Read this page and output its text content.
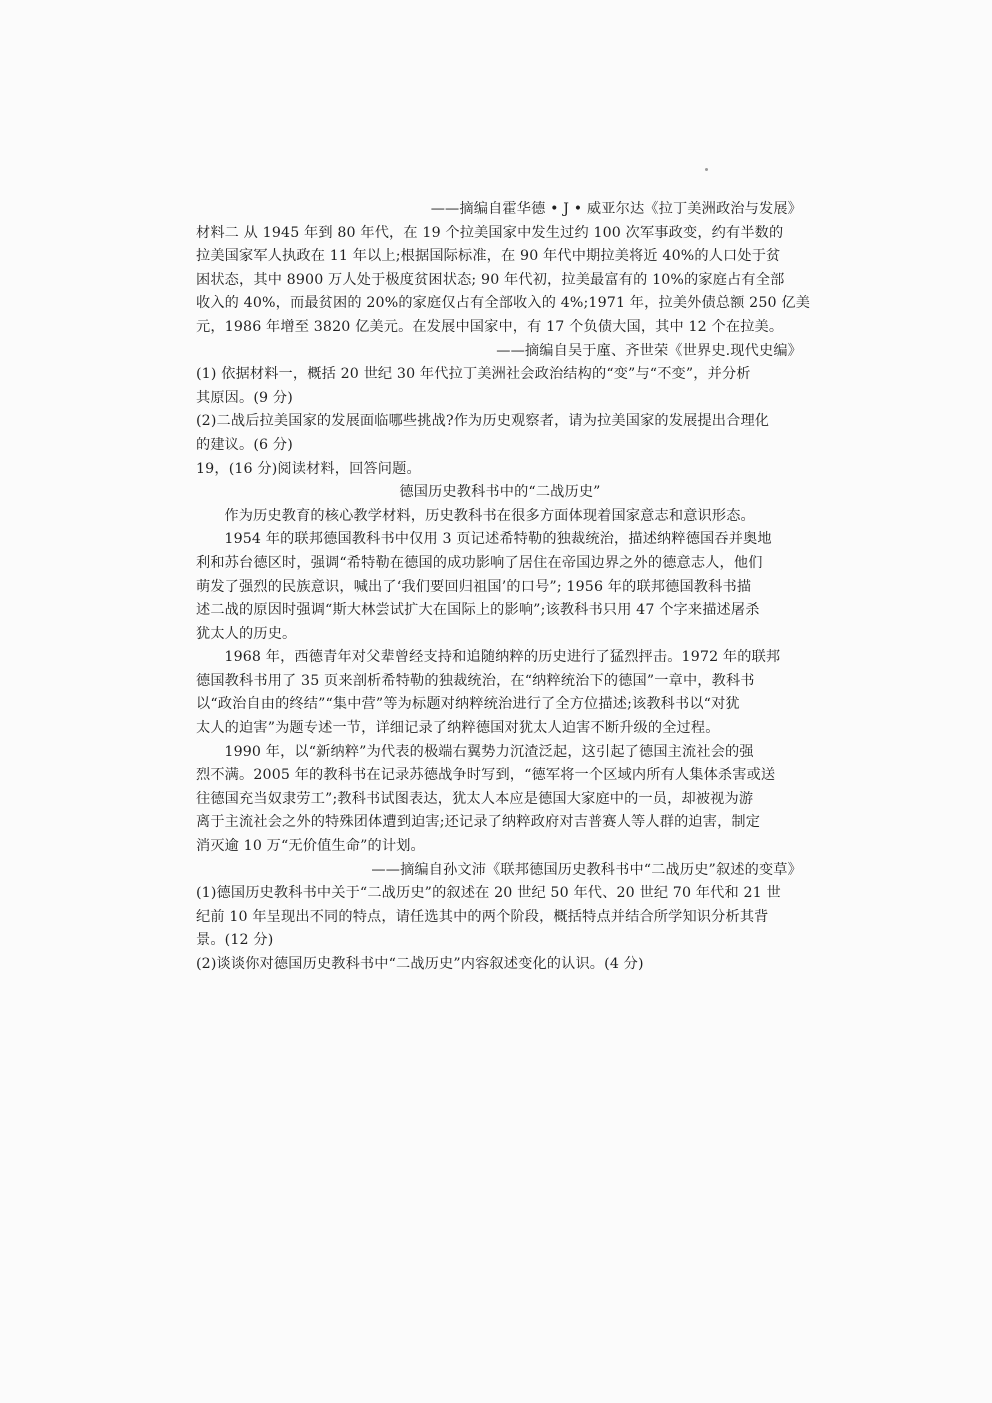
——摘编自霍华德 • J • 威亚尔达《拉丁美洲政治与发展》
材料二 从 1945 年到 80 年代，在 19 个拉美国家中发生过约 100 次军事政变，约有半数的
拉美国家军人执政在 11 年以上;根据国际标准，在 90 年代中期拉美将近 40%的人口处于贫
困状态，其中 8900 万人处于极度贫困状态; 90 年代初，拉美最富有的 10%的家庭占有全部
收入的 40%，而最贫困的 20%的家庭仅占有全部收入的 4%;1971 年，拉美外债总额 250 亿美
元，1986 年增至 3820 亿美元。在发展中国家中，有 17 个负债大国，其中 12 个在拉美。
——摘编自吴于廑、齐世荣《世界史.现代史编》
(1) 依据材料一，概括 20 世纪 30 年代拉丁美洲社会政治结构的“变”与“不变”，并分析
其原因。(9 分)
(2)二战后拉美国家的发展面临哪些挑战?作为历史观察者，请为拉美国家的发展提出合理化
的建议。(6 分)
19，(16 分)阅读材料，回答问题。
德国历史教科书中的“二战历史”
作为历史教育的核心教学材料，历史教科书在很多方面体现着国家意志和意识形态。
1954 年的联邦德国教科书中仅用 3 页记述希特勒的独裁统治，描述纳粹德国吞并奥地
利和苏台德区时，强调“希特勒在德国的成功影响了居住在帝国边界之外的德意志人，他们
萌发了强烈的民族意识，喊出了‘我们要回归祖国’的口号”; 1956 年的联邦德国教科书描
述二战的原因时强调“斯大林尝试扩大在国际上的影响”;该教科书只用 47 个字来描述屠杀
犹太人的历史。
1968 年，西德青年对父辈曾经支持和追随纳粹的历史进行了猛烈抨击。1972 年的联邦
德国教科书用了 35 页来剖析希特勒的独裁统治，在“纳粹统治下的德国”一章中，教科书
以“政治自由的终结”“集中营”等为标题对纳粹统治进行了全方位描述;该教科书以“对犹
太人的迫害”为题专述一节，详细记录了纳粹德国对犹太人迫害不断升级的全过程。
1990 年，以“新纳粹”为代表的极端右翼势力沉渣泛起，这引起了德国主流社会的强
烈不满。2005 年的教科书在记录苏德战争时写到，“德军将一个区域内所有人集体杀害或送
往德国充当奴隶劳工”;教科书试图表达，犹太人本应是德国大家庭中的一员，却被视为游
离于主流社会之外的特殊团体遭到迫害;还记录了纳粹政府对吉普赛人等人群的迫害，制定
消灭逾 10 万“无价值生命”的计划。
——摘编自孙文沛《联邦德国历史教科书中“二战历史”叙述的变草》
(1)德国历史教科书中关于“二战历史”的叙述在 20 世纪 50 年代、20 世纪 70 年代和 21 世
纪前 10 年呈现出不同的特点，请任选其中的两个阶段，概括特点并结合所学知识分析其背
景。(12 分)
(2)谈谈你对德国历史教科书中“二战历史”内容叙述变化的认识。(4 分)
